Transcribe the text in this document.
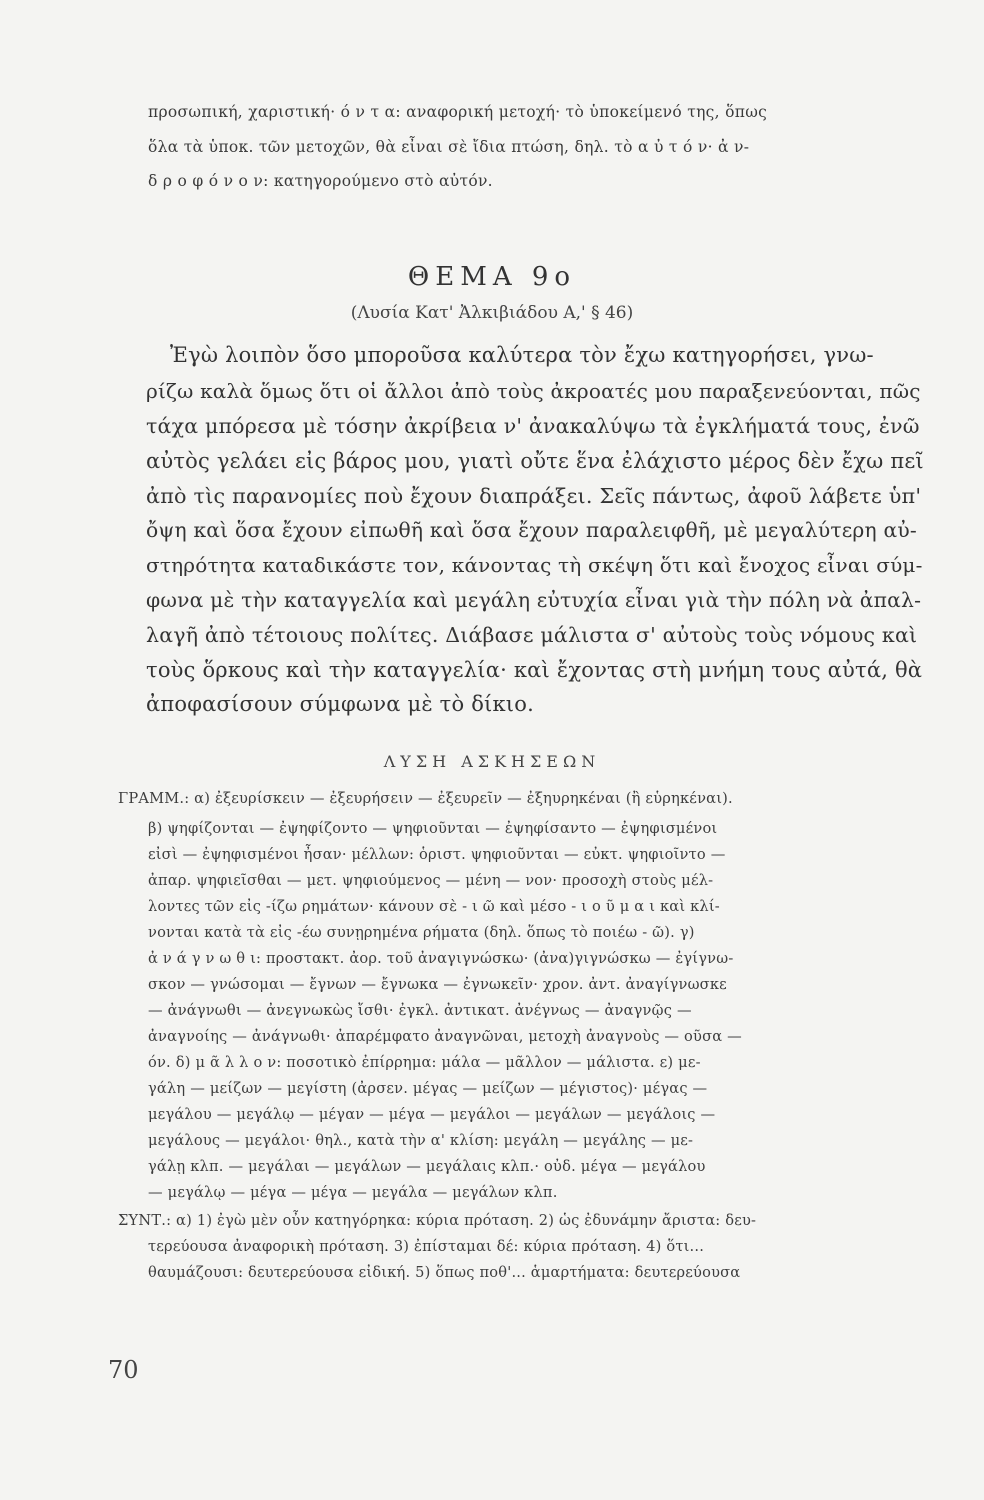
προσωπική, χαριστική· ό ν τ α: αναφορική μετοχή· τὸ ὑποκείμενό της, ὅπως
ὅλα τὰ ὑποκ. τῶν μετοχῶν, θὰ εἶναι σὲ ἴδια πτώση, δηλ. τὸ α ὐ τ ό ν· ἀ ν-
δ ρ ο φ ό ν ο ν: κατηγορούμενο στὸ αὐτόν.
ΘΕΜΑ 9ο
(Λυσία Κατ' Ἀλκιβιάδου Α,' § 46)
Ἐγὼ λοιπὸν ὅσο μποροῦσα καλύτερα τὸν ἔχω κατηγορήσει, γνω-
ρίζω καλὰ ὅμως ὅτι οἱ ἄλλοι ἀπὸ τοὺς ἀκροατές μου παραξενεύονται, πῶς
τάχα μπόρεσα μὲ τόσην ἀκρίβεια ν' ἀνακαλύψω τὰ ἐγκλήματά τους, ἐνῶ
αὐτὸς γελάει εἰς βάρος μου, γιατὶ οὔτε ἕνα ἐλάχιστο μέρος δὲν ἔχω πεῖ
ἀπὸ τὶς παρανομίες ποὺ ἔχουν διαπράξει. Σεῖς πάντως, ἀφοῦ λάβετε ὑπ'
ὄψη καὶ ὅσα ἔχουν εἰπωθῆ καὶ ὅσα ἔχουν παραλειφθῆ, μὲ μεγαλύτερη αὐ-
στηρότητα καταδικάστε τον, κάνοντας τὴ σκέψη ὅτι καὶ ἔνοχος εἶναι σύμ-
φωνα μὲ τὴν καταγγελία καὶ μεγάλη εὐτυχία εἶναι γιὰ τὴν πόλη νὰ ἀπαλ-
λαγῆ ἀπὸ τέτοιους πολίτες. Διάβασε μάλιστα σ' αὐτοὺς τοὺς νόμους καὶ
τοὺς ὅρκους καὶ τὴν καταγγελία· καὶ ἔχοντας στὴ μνήμη τους αὐτά, θὰ
ἀποφασίσουν σύμφωνα μὲ τὸ δίκιο.
ΛΥΣΗ ΑΣΚΗΣΕΩΝ
ΓΡΑΜΜ.: α) ἐξευρίσκειν — ἐξευρήσειν — ἐξευρεῖν — ἐξηυρηκέναι (ἢ εὑρηκέναι).
β) ψηφίζονται — ἐψηφίζοντο — ψηφιοῦνται — ἐψηφίσαντο — ἐψηφισμένοι
εἰσὶ — ἐψηφισμένοι ἦσαν· μέλλων: ὁριστ. ψηφιοῦνται — εὐκτ. ψηφιοῖντο —
ἀπαρ. ψηφιεῖσθαι — μετ. ψηφιούμενος — μένη — νον· προσοχὴ στοὺς μέλ-
λοντες τῶν εἰς -ίζω ρημάτων· κάνουν σὲ - ι ῶ καὶ μέσο - ι ο ῦ μ α ι καὶ κλί-
νονται κατὰ τὰ εἰς -έω συνῃρημένα ρήματα (δηλ. ὅπως τὸ ποιέω - ῶ). γ)
ἀ ν ά γ ν ω θ ι: προστακτ. ἀορ. τοῦ ἀναγιγνώσκω· (ἀνα)γιγνώσκω — ἐγίγνω-
σκον — γνώσομαι — ἔγνων — ἔγνωκα — ἐγνωκεῖν· χρον. ἀντ. ἀναγίγνωσκε
— ἀνάγνωθι — ἀνεγνωκὼς ἴσθι· ἐγκλ. ἀντικατ. ἀνέγνως — ἀναγνῷς —
ἀναγνοίης — ἀνάγνωθι· ἀπαρέμφατο ἀναγνῶναι, μετοχὴ ἀναγνοὺς — οῦσα —
όν. δ) μ ᾶ λ λ ο ν: ποσοτικὸ ἐπίρρημα: μάλα — μᾶλλον — μάλιστα. ε) με-
γάλη — μείζων — μεγίστη (ἀρσεν. μέγας — μείζων — μέγιστος)· μέγας —
μεγάλου — μεγάλῳ — μέγαν — μέγα — μεγάλοι — μεγάλων — μεγάλοις —
μεγάλους — μεγάλοι· θηλ., κατὰ τὴν α' κλίση: μεγάλη — μεγάλης — με-
γάλῃ κλπ. — μεγάλαι — μεγάλων — μεγάλαις κλπ.· οὐδ. μέγα — μεγάλου
— μεγάλῳ — μέγα — μέγα — μεγάλα — μεγάλων κλπ.
ΣΥΝΤ.: α) 1) ἐγὼ μὲν οὖν κατηγόρηκα: κύρια πρόταση. 2) ὡς ἐδυνάμην ἄριστα: δευ-
τερεύουσα ἀναφορικὴ πρόταση. 3) ἐπίσταμαι δέ: κύρια πρόταση. 4) ὅτι...
θαυμάζουσι: δευτερεύουσα εἰδική. 5) ὅπως ποθ'... ἁμαρτήματα: δευτερεύουσα
70
